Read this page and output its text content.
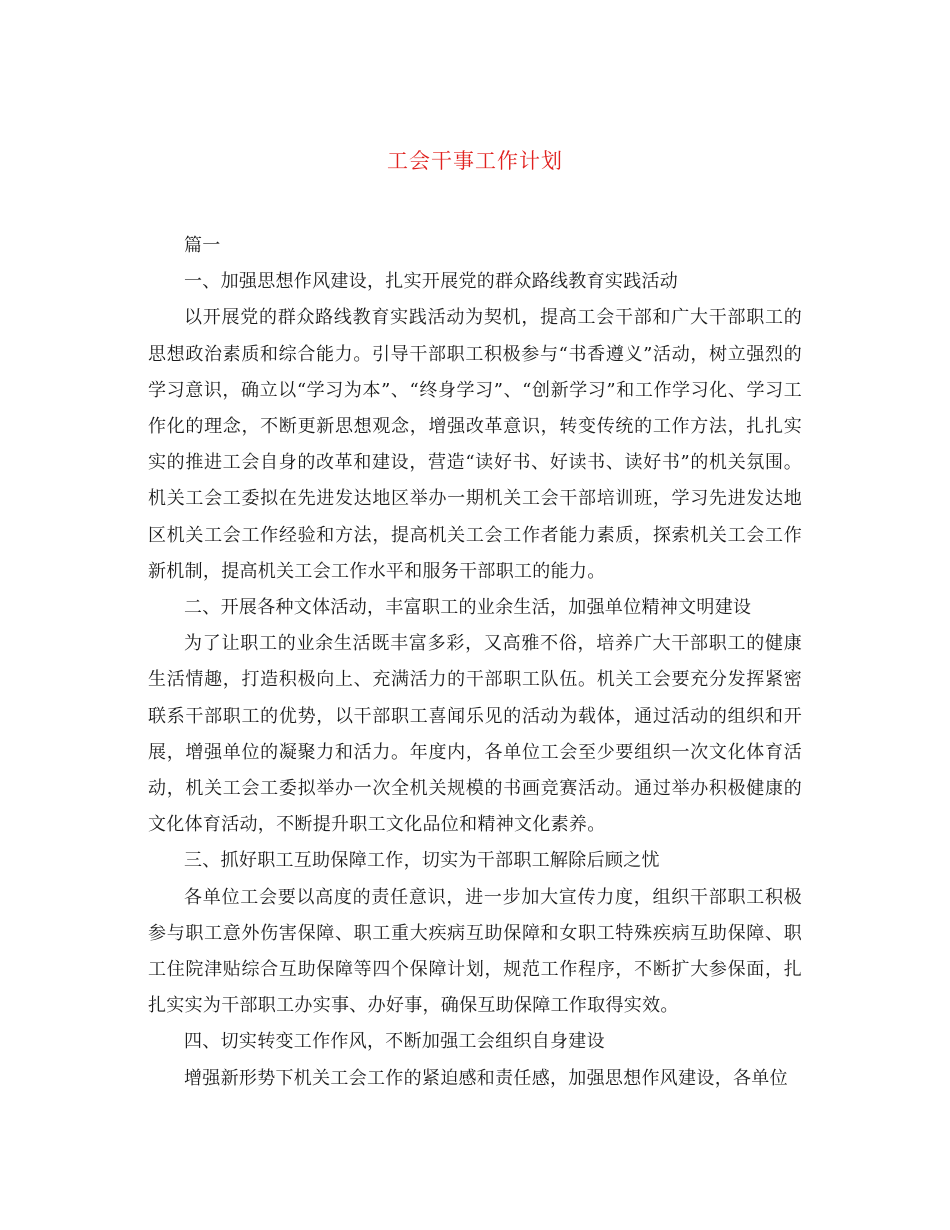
工会干事工作计划

篇一

一、加强思想作风建设，扎实开展党的群众路线教育实践活动

以开展党的群众路线教育实践活动为契机，提高工会干部和广大干部职工的思想政治素质和综合能力。引导干部职工积极参与“书香遵义”活动，树立强烈的学习意识，确立以“学习为本”、“终身学习”、“创新学习”和工作学习化、学习工作化的理念，不断更新思想观念，增强改革意识，转变传统的工作方法，扎扎实实的推进工会自身的改革和建设，营造“读好书、好读书、读好书”的机关氛围。机关工会工委拟在先进发达地区举办一期机关工会干部培训班，学习先进发达地区机关工会工作经验和方法，提高机关工会工作者能力素质，探索机关工会工作新机制，提高机关工会工作水平和服务干部职工的能力。

二、开展各种文体活动，丰富职工的业余生活，加强单位精神文明建设

为了让职工的业余生活既丰富多彩，又高雅不俗，培养广大干部职工的健康生活情趣，打造积极向上、充满活力的干部职工队伍。机关工会要充分发挥紧密联系干部职工的优势，以干部职工喜闻乐见的活动为载体，通过活动的组织和开展，增强单位的凝聚力和活力。年度内，各单位工会至少要组织一次文化体育活动，机关工会工委拟举办一次全机关规模的书画竞赛活动。通过举办积极健康的文化体育活动，不断提升职工文化品位和精神文化素养。

三、抓好职工互助保障工作，切实为干部职工解除后顾之忧

各单位工会要以高度的责任意识，进一步加大宣传力度，组织干部职工积极参与职工意外伤害保障、职工重大疾病互助保障和女职工特殊疾病互助保障、职工住院津贴综合互助保障等四个保障计划，规范工作程序，不断扩大参保面，扎扎实实为干部职工办实事、办好事，确保互助保障工作取得实效。

四、切实转变工作作风，不断加强工会组织自身建设

增强新形势下机关工会工作的紧迫感和责任感，加强思想作风建设，各单位
